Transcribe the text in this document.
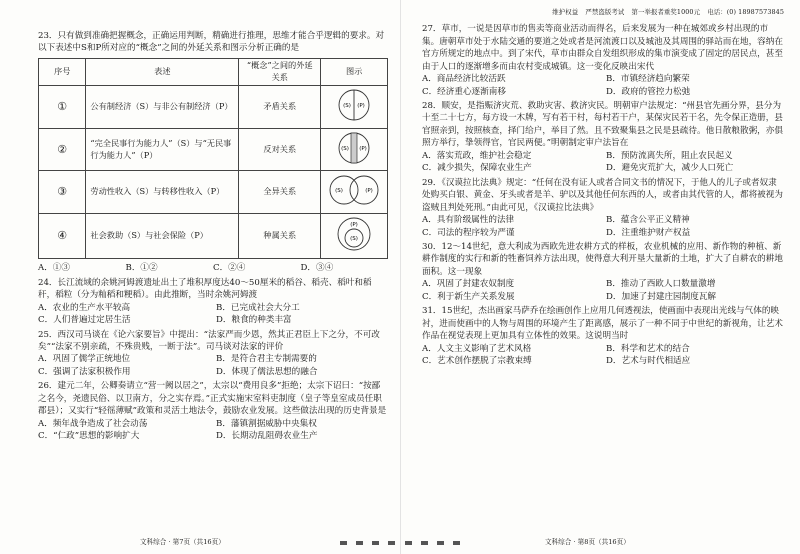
23．只有做到准确把握概念，正确运用判断，精确进行推理，思维才能合乎逻辑的要求。对以下表述中S和P所对应的“概念”之间的外延关系和图示分析正确的是
序号	表述	“概念”之间的外延关系	图示
①	公有制经济（S）与非公有制经济（P）	矛盾关系	(S) (P)

②	“完全民事行为能力人”（S）与“无民事行为能力人”（P）	反对关系	(S) (P)

③	劳动性收入（S）与转移性收入（P）	全异关系	(S) (P)

④	社会救助（S）与社会保险（P）	种属关系	(P)
(S)
A．①③	B．①②	C．②④	D．③④
24．长江流域的余姚河姆渡遗址出土了堆积厚度达40～50厘米的稻谷、稻壳、稻叶和稻秆，稻粒（分为籼稻和粳稻）。由此推断，当时余姚河姆渡
A．农业的生产水平较高	B．已完成社会大分工
C．人们普遍过定居生活	D．粮食的种类丰富
25．西汉司马谈在《论六家要旨》中提出：“法家严而少恩，然其正君臣上下之分，不可改矣”“法家不别亲疏，不殊贵贱，一断于法”。司马谈对法家的评价
A．巩固了儒学正统地位	B．是符合君主专制需要的
C．强调了法家积极作用	D．体现了儒法思想的融合
26．建元二年，公卿奏请立“营一阙以居之”，太宗以“费用良多”拒绝；太宗下诏曰：“按鄙之名今，尧遗民俗、以卫南方，分之实存焉。”正式实施宋室料吏制度（皇子等皇室成员任职郡县）；又实行“轻徭薄赋”政策和灵活土地法令，鼓励农业发展。这些做法出现的历史背景是
A．频年战争造成了社会动荡	B．藩镇割据威胁中央集权
C．“仁政”思想的影响扩大	D．长期动乱阻碍农业生产
维护权益 严禁盗版考试 第一举报者重奖1000元 电话：(0) 18987573845
27．草市，一说是因草市的售卖等商业活动而得名，后来发展为一种在城郊或乡村出现的市集。唐朝草市处于水陆交通的要道之处或者是河流渡口以及城池及其周围的驿站而在地，容纳在官方所规定的地点中。到了宋代，草市由群众自发组织形成的集市演变成了固定的居民点，甚至由于人口的逐渐增多而由农村变成城镇。这一变化反映出宋代
A．商品经济比较活跃	B．市镇经济趋向繁荣
C．经济重心逐渐南移	D．政府的管控力松弛
28．顺安，是指赈济灾荒、救助灾害、救济灾民。明朝审户法规定：“州县官先画分界，县分为十至二十七方，每方设一木牌，写有若干村，每村若干户，某保灾民若干名，先令保正造册，县官照亲到，按照核查，择门给户，举目了然。且不致聚集县之民是县疏待。他日散粮散粥，亦俱照方举行，挚领得官，官民两便。”明朝制定审户法旨在
A．落实荒政，维护社会稳定	B．预防流离失所，阻止农民起义
C．减少损失，保障农业生产	D．避免灾荒扩大，减少人口死亡
29．《汉谟拉比法典》规定：“任何在没有证人或者合同文书的情况下，于他人的儿子或者奴隶处购买白银、黄金、牙头或者是羊、驴以及其他任何东西的人，或者由其代管的人，都将被视为盗贼且判处死刑。”由此可见，《汉谟拉比法典》
A．具有阶级属性的法律	B．蕴含公平正义精神
C．司法的程序较为严谨	D．注重维护财产权益
30．12～14世纪，意大利成为西欧先进农耕方式的样板，农业机械的应用、新作物的种植、新耕作制度的实行和新的牲畜饲养方法出现，使得意大利开垦大量新的土地，扩大了自耕农的耕地面积。这一现象
A．巩固了封建农奴制度	B．推动了西欧人口数量激增
C．利于新生产关系发展	D．加速了封建庄园制度瓦解
31．15世纪，杰出画家马萨乔在绘画创作上应用几何透视法，使画面中表现出光线与气体的映衬，进而使画中的人物与周围的环境产生了距离感，展示了一种不同于中世纪的新视角，让艺术作品在视觉表现上更加具有立体性的效果。这说明当时
A．人文主义影响了艺术风格	B．科学和艺术的结合
C．艺术创作摆脱了宗教束缚	D．艺术与时代相适应
文科综合 · 第7页（共16页）	文科综合 · 第8页（共16页）
